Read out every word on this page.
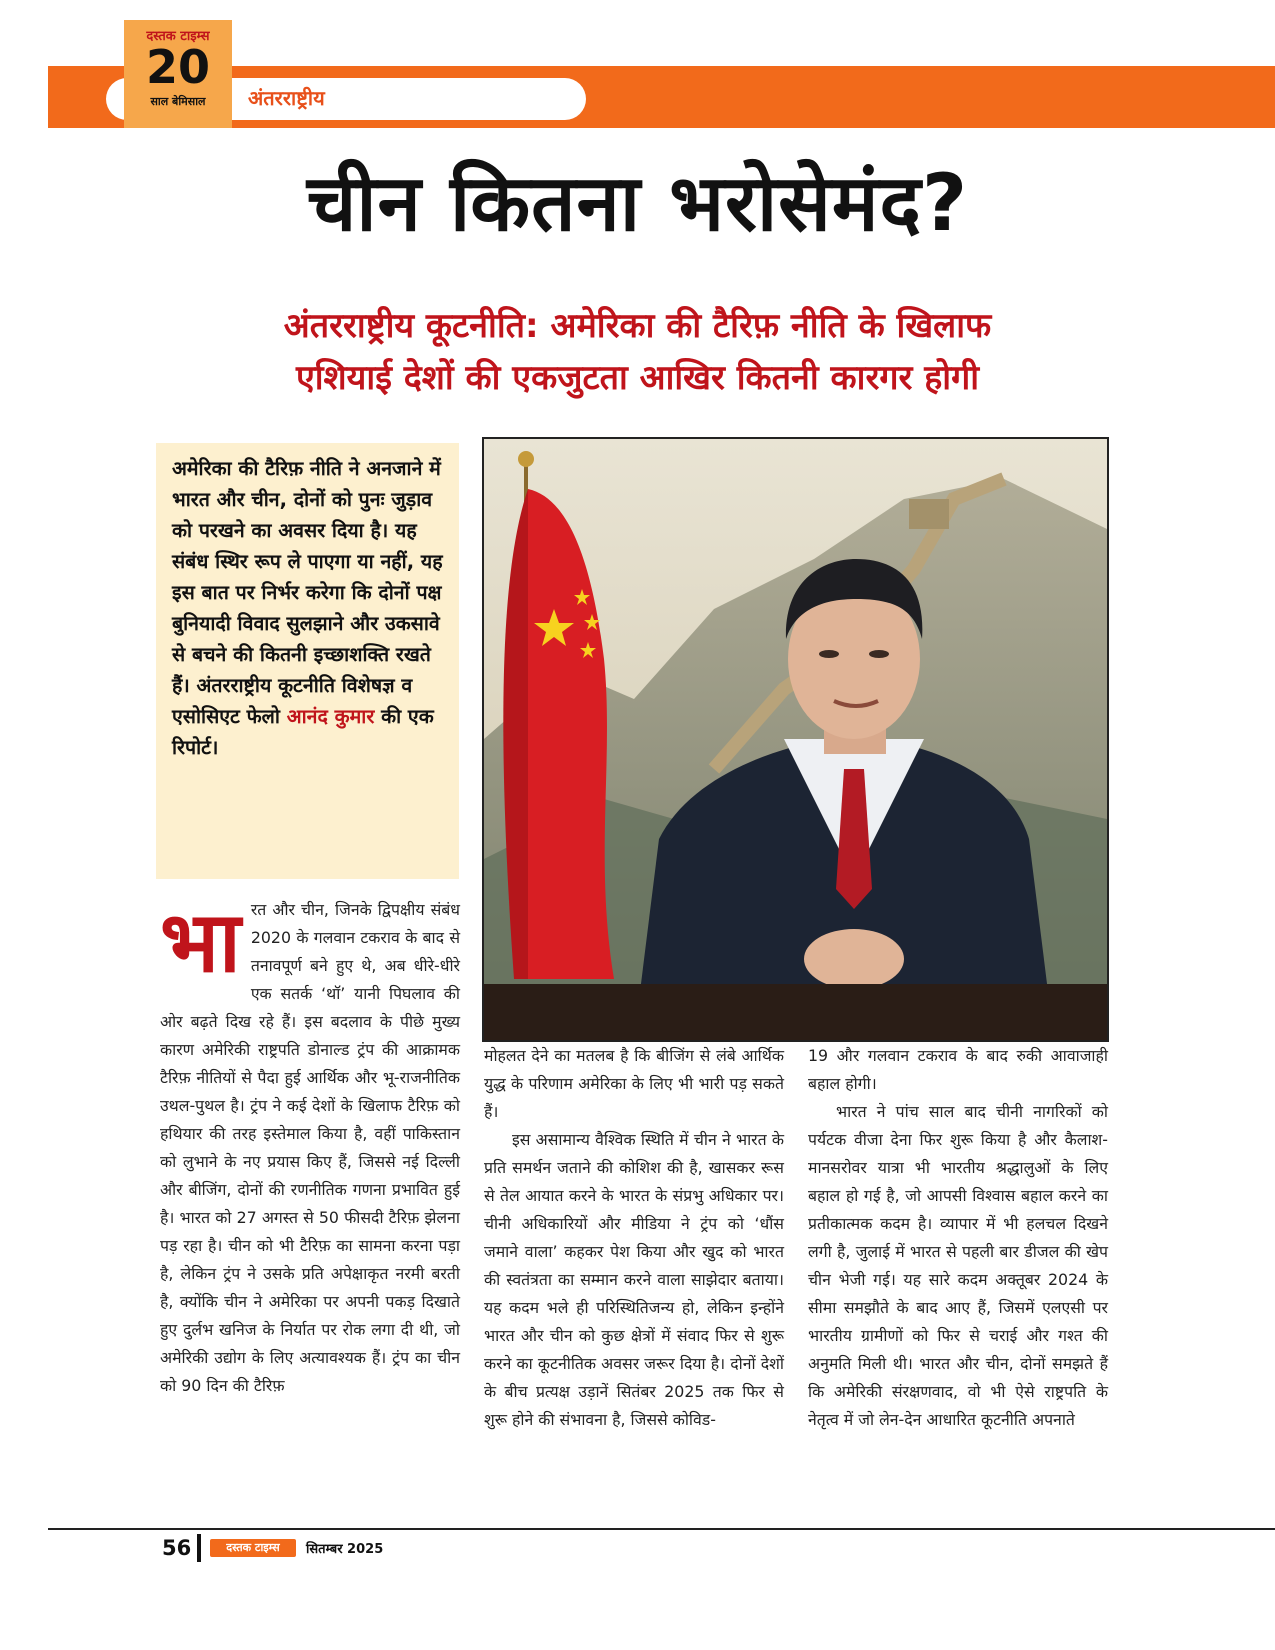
अंतरराष्ट्रीय
दस्तक टाइम्स
20
साल बेमिसाल
चीन कितना भरोसेमंद?
अंतरराष्ट्रीय कूटनीति: अमेरिका की टैरिफ़ नीति के खिलाफ
एशियाई देशों की एकजुटता आखिर कितनी कारगर होगी
अमेरिका की टैरिफ़ नीति ने अनजाने में भारत और चीन, दोनों को पुनः जुड़ाव को परखने का अवसर दिया है। यह संबंध स्थिर रूप ले पाएगा या नहीं, यह इस बात पर निर्भर करेगा कि दोनों पक्ष बुनियादी विवाद सुलझाने और उकसावे से बचने की कितनी इच्छाशक्ति रखते हैं। अंतरराष्ट्रीय कूटनीति विशेषज्ञ व एसोसिएट फेलो आनंद कुमार की एक रिपोर्ट।

भारत और चीन, जिनके द्विपक्षीय संबंध 2020 के गलवान टकराव के बाद से तनावपूर्ण बने हुए थे, अब धीरे-धीरे एक सतर्क ‘थॉ’ यानी पिघलाव की ओर बढ़ते दिख रहे हैं। इस बदलाव के पीछे मुख्य कारण अमेरिकी राष्ट्रपति डोनाल्ड ट्रंप की आक्रामक टैरिफ़ नीतियों से पैदा हुई आर्थिक और भू-राजनीतिक उथल-पुथल है। ट्रंप ने कई देशों के खिलाफ टैरिफ़ को हथियार की तरह इस्तेमाल किया है, वहीं पाकिस्तान को लुभाने के नए प्रयास किए हैं, जिससे नई दिल्ली और बीजिंग, दोनों की रणनीतिक गणना प्रभावित हुई है। भारत को 27 अगस्त से 50 फीसदी टैरिफ़ झेलना पड़ रहा है। चीन को भी टैरिफ़ का सामना करना पड़ा है, लेकिन ट्रंप ने उसके प्रति अपेक्षाकृत नरमी बरती है, क्योंकि चीन ने अमेरिका पर अपनी पकड़ दिखाते हुए दुर्लभ खनिज के निर्यात पर रोक लगा दी थी, जो अमेरिकी उद्योग के लिए अत्यावश्यक हैं। ट्रंप का चीन को 90 दिन की टैरिफ़

मोहलत देने का मतलब है कि बीजिंग से लंबे आर्थिक युद्ध के परिणाम अमेरिका के लिए भी भारी पड़ सकते हैं।

इस असामान्य वैश्विक स्थिति में चीन ने भारत के प्रति समर्थन जताने की कोशिश की है, खासकर रूस से तेल आयात करने के भारत के संप्रभु अधिकार पर। चीनी अधिकारियों और मीडिया ने ट्रंप को ‘धौंस जमाने वाला’ कहकर पेश किया और खुद को भारत की स्वतंत्रता का सम्मान करने वाला साझेदार बताया। यह कदम भले ही परिस्थितिजन्य हो, लेकिन इन्होंने भारत और चीन को कुछ क्षेत्रों में संवाद फिर से शुरू करने का कूटनीतिक अवसर जरूर दिया है। दोनों देशों के बीच प्रत्यक्ष उड़ानें सितंबर 2025 तक फिर से शुरू होने की संभावना है, जिससे कोविड-

19 और गलवान टकराव के बाद रुकी आवाजाही बहाल होगी।

भारत ने पांच साल बाद चीनी नागरिकों को पर्यटक वीजा देना फिर शुरू किया है और कैलाश-मानसरोवर यात्रा भी भारतीय श्रद्धालुओं के लिए बहाल हो गई है, जो आपसी विश्वास बहाल करने का प्रतीकात्मक कदम है। व्यापार में भी हलचल दिखने लगी है, जुलाई में भारत से पहली बार डीजल की खेप चीन भेजी गई। यह सारे कदम अक्तूबर 2024 के सीमा समझौते के बाद आए हैं, जिसमें एलएसी पर भारतीय ग्रामीणों को फिर से चराई और गश्त की अनुमति मिली थी। भारत और चीन, दोनों समझते हैं कि अमेरिकी संरक्षणवाद, वो भी ऐसे राष्ट्रपति के नेतृत्व में जो लेन-देन आधारित कूटनीति अपनाते

56	दस्तक टाइम्स	सितम्बर 2025
